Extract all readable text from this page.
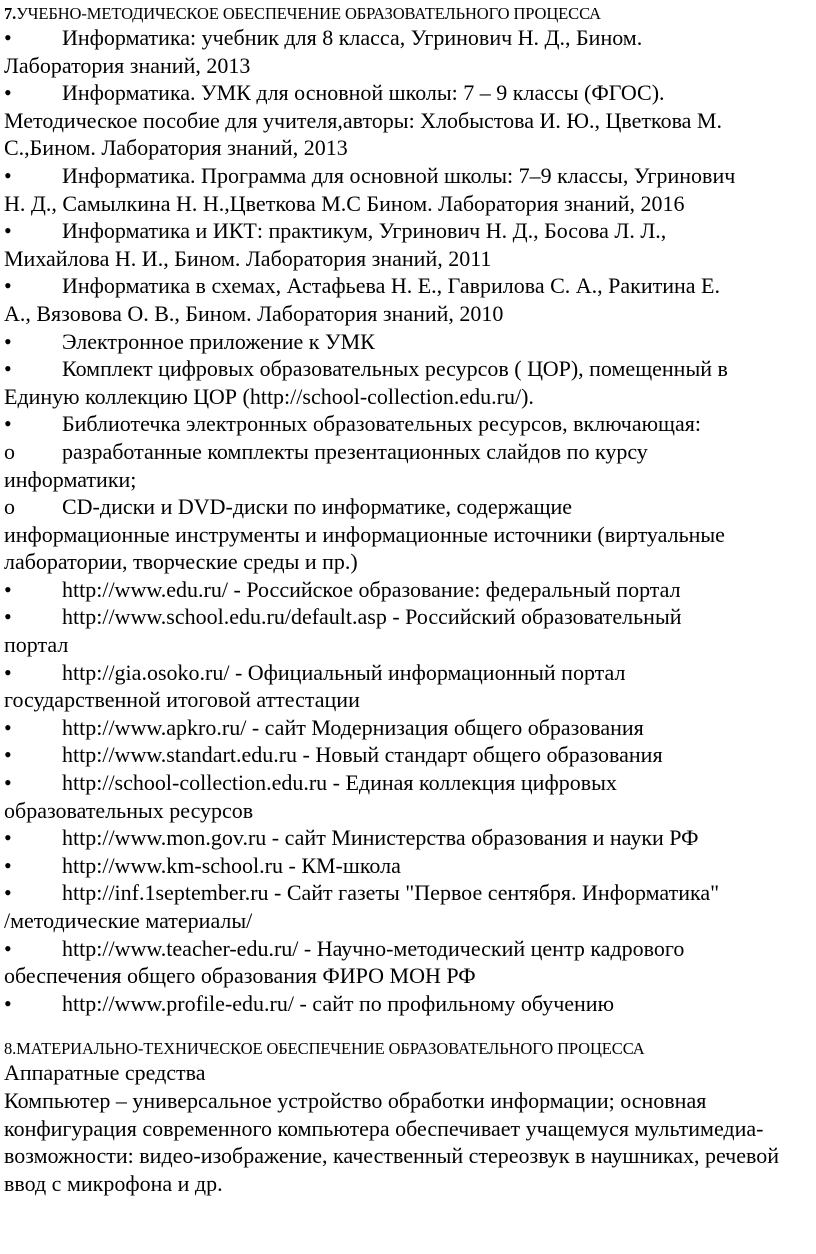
7.УЧЕБНО-МЕТОДИЧЕСКОЕ ОБЕСПЕЧЕНИЕ ОБРАЗОВАТЕЛЬНОГО ПРОЦЕССА
• Информатика: учебник для 8 класса, Угринович Н. Д., Бином.
Лаборатория знаний, 2013
• Информатика. УМК для основной школы: 7 – 9 классы (ФГОС).
Методическое пособие для учителя,авторы: Хлобыстова И. Ю., Цветкова М. С.,Бином. Лаборатория знаний, 2013
• Информатика. Программа для основной школы: 7–9 классы, Угринович
Н. Д., Самылкина Н. Н.,Цветкова М.С Бином. Лаборатория знаний, 2016
• Информатика и ИКТ: практикум, Угринович Н. Д., Босова Л. Л.,
Михайлова Н. И., Бином. Лаборатория знаний, 2011
• Информатика в схемах, Астафьева Н. Е., Гаврилова С. А., Ракитина Е.
А., Вязовова О. В., Бином. Лаборатория знаний, 2010
• Электронное приложение к УМК
• Комплект цифровых образовательных ресурсов ( ЦОР), помещенный в
Единую коллекцию ЦОР (http://school-collection.edu.ru/).
• Библиотечка электронных образовательных ресурсов, включающая:
o разработанные комплекты презентационных слайдов по курсу
информатики;
o CD-диски и DVD-диски по информатике, содержащие
информационные инструменты и информационные источники (виртуальные лаборатории, творческие среды и пр.)
• http://www.edu.ru/ - Российское образование: федеральный портал
• http://www.school.edu.ru/default.asp - Российский образовательный
портал
• http://gia.osoko.ru/ - Официальный информационный портал
государственной итоговой аттестации
• http://www.apkro.ru/ - сайт Модернизация общего образования
• http://www.standart.edu.ru - Новый стандарт общего образования
• http://school-collection.edu.ru - Единая коллекция цифровых
образовательных ресурсов
• http://www.mon.gov.ru - сайт Министерства образования и науки РФ
• http://www.km-school.ru - КМ-школа
• http://inf.1september.ru - Сайт газеты "Первое сентября. Информатика"
/методические материалы/
• http://www.teacher-edu.ru/ - Научно-методический центр кадрового
обеспечения общего образования ФИРО МОН РФ
• http://www.profile-edu.ru/ - сайт по профильному обучению
8.МАТЕРИАЛЬНО-ТЕХНИЧЕСКОЕ ОБЕСПЕЧЕНИЕ ОБРАЗОВАТЕЛЬНОГО ПРОЦЕССА
Аппаратные средства
Компьютер – универсальное устройство обработки информации; основная конфигурация современного компьютера обеспечивает учащемуся мультимедиа-возможности: видео-изображение, качественный стереозвук в наушниках, речевой ввод с микрофона и др.
